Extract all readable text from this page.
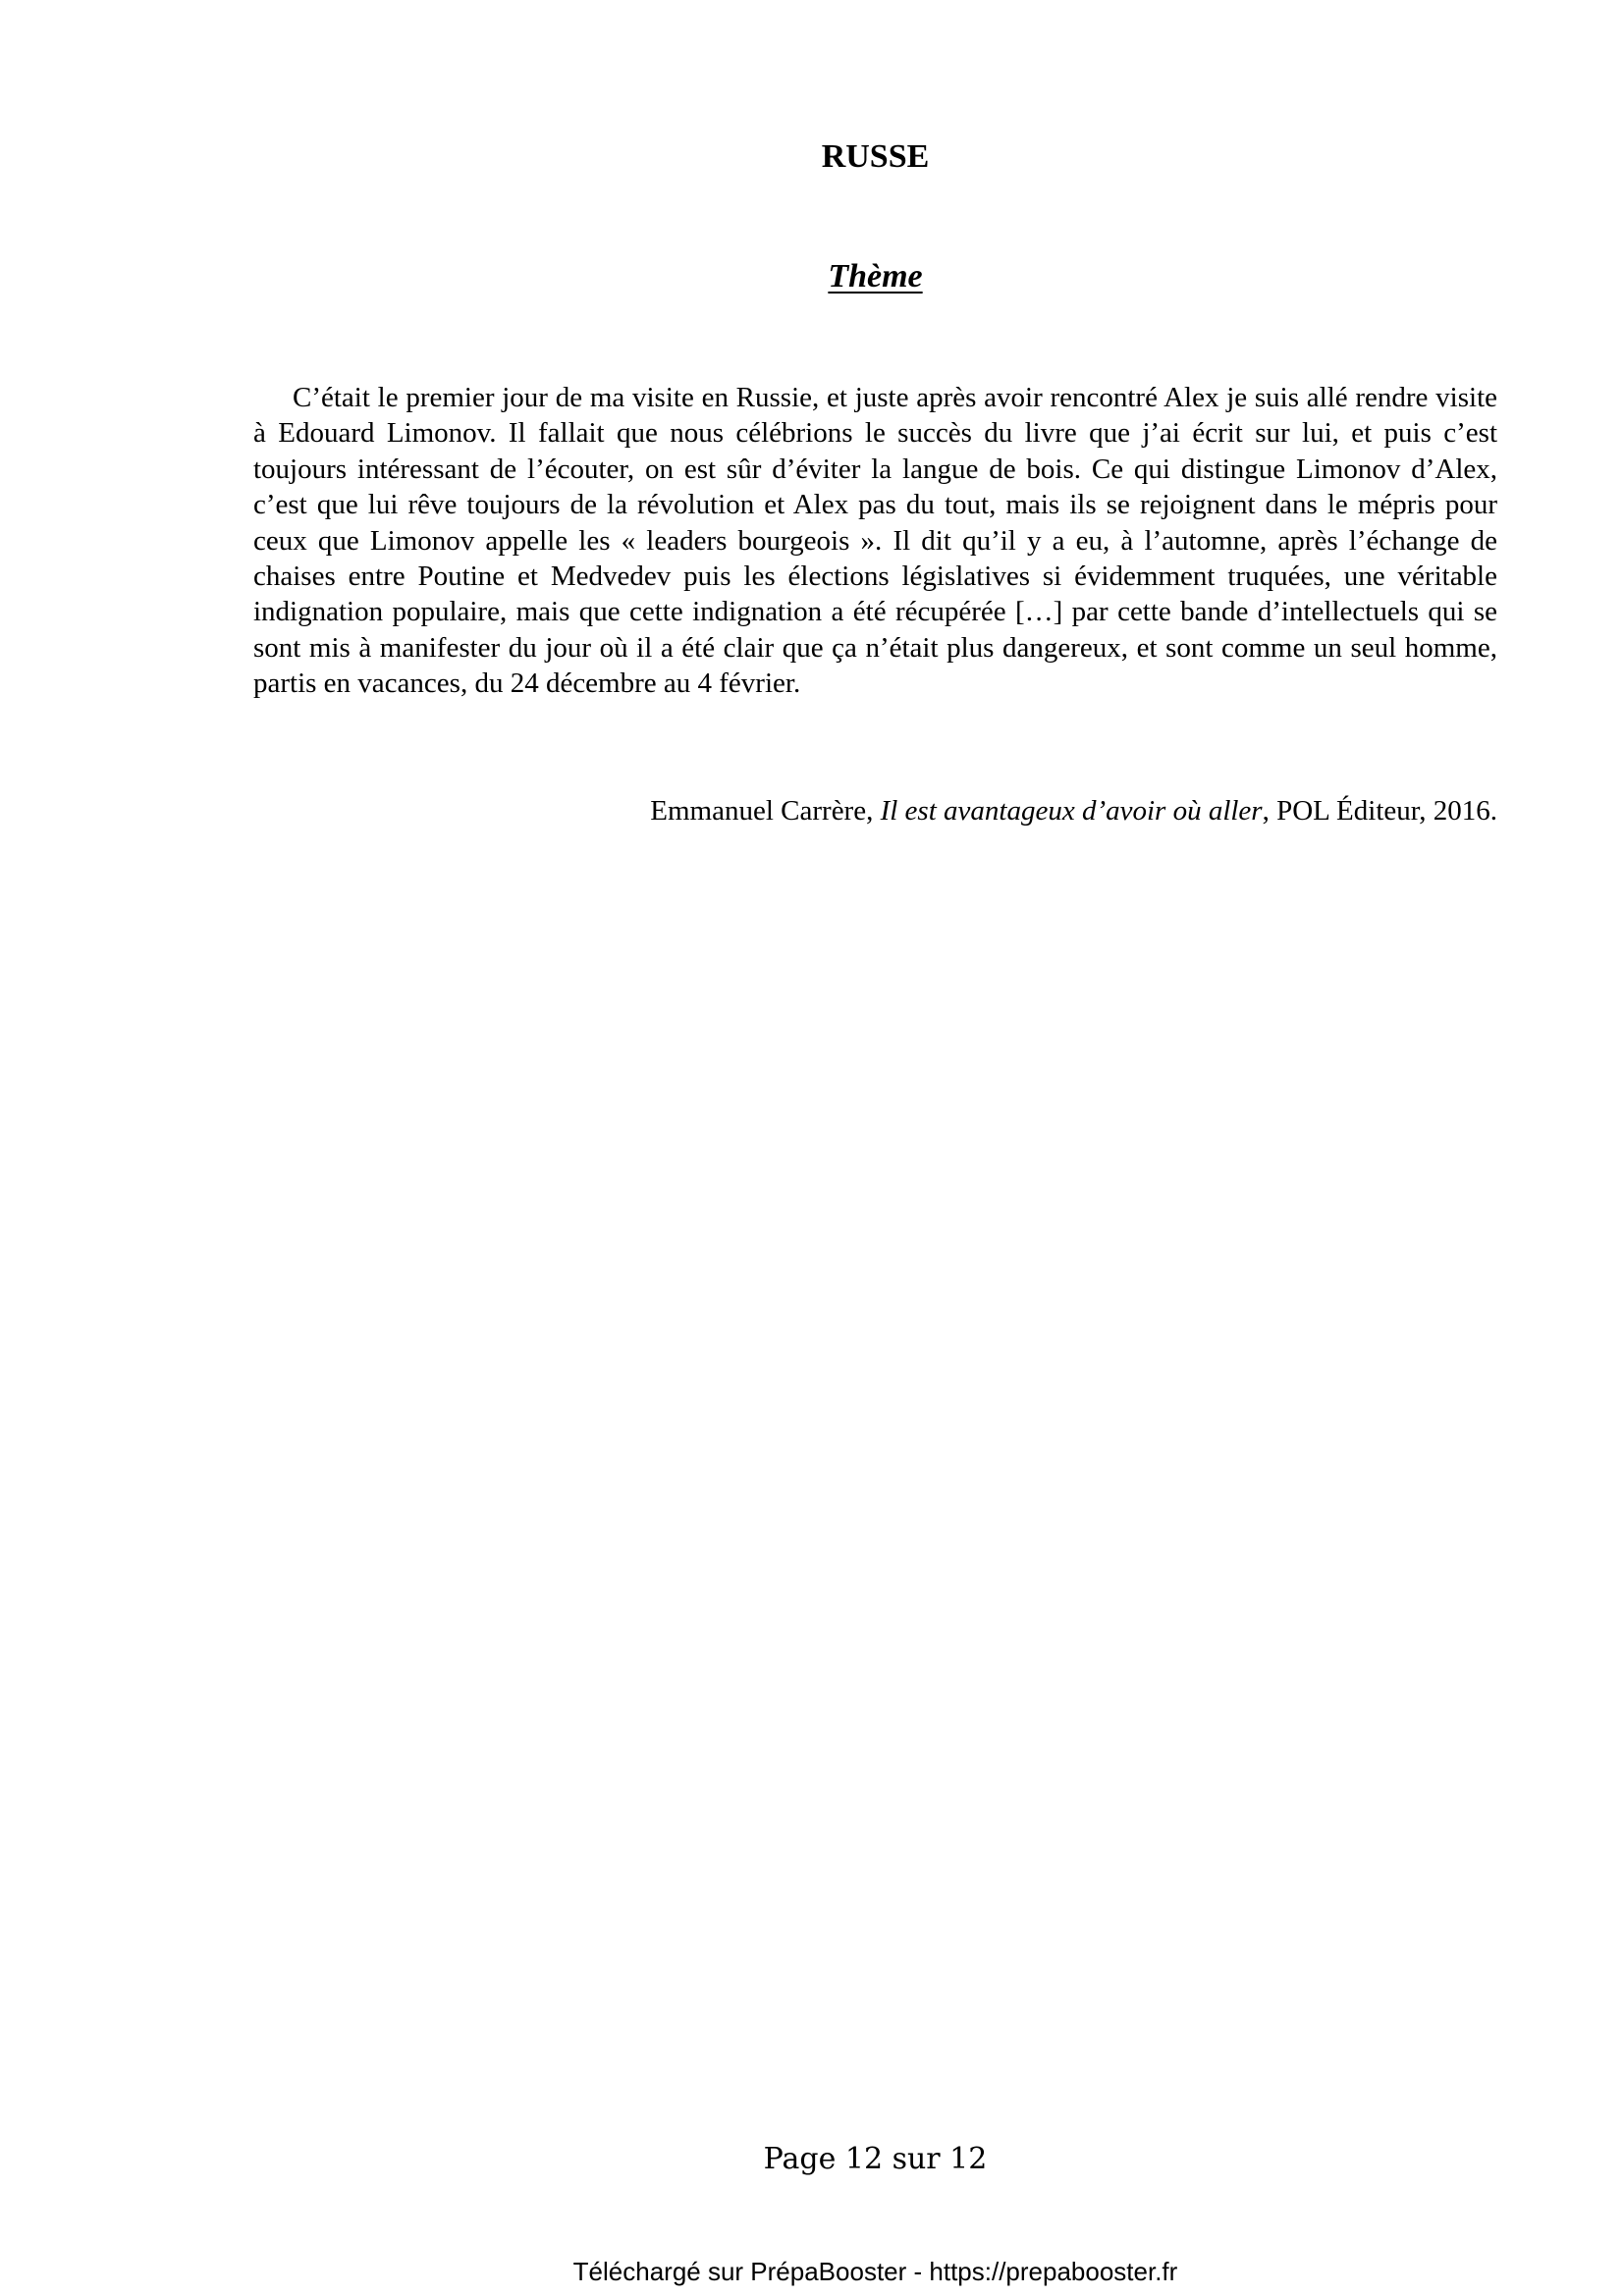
RUSSE
Thème

C’était le premier jour de ma visite en Russie, et juste après avoir rencontré Alex je suis allé rendre visite à Edouard Limonov. Il fallait que nous célébrions le succès du livre que j’ai écrit sur lui, et puis c’est toujours intéressant de l’écouter, on est sûr d’éviter la langue de bois. Ce qui distingue Limonov d’Alex, c’est que lui rêve toujours de la révolution et Alex pas du tout, mais ils se rejoignent dans le mépris pour ceux que Limonov appelle les « leaders bourgeois ». Il dit qu’il y a eu, à l’automne, après l’échange de chaises entre Poutine et Medvedev puis les élections législatives si évidemment truquées, une véritable indignation populaire, mais que cette indignation a été récupérée […] par cette bande d’intellectuels qui se sont mis à manifester du jour où il a été clair que ça n’était plus dangereux, et sont comme un seul homme, partis en vacances, du 24 décembre au 4 février.

Emmanuel Carrère, Il est avantageux d’avoir où aller, POL Éditeur, 2016.

Page 12 sur 12
Téléchargé sur PrépaBooster - https://prepabooster.fr
